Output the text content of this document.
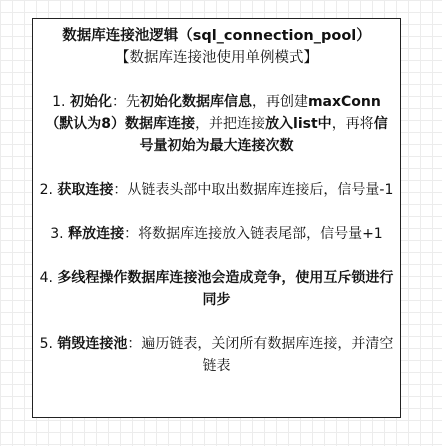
数据库连接池逻辑（sql_connection_pool）
【数据库连接池使用单例模式】
1. 初始化：先初始化数据库信息，再创建maxConn（默认为8）数据库连接，并把连接放入list中，再将信号量初始为最大连接次数
2. 获取连接：从链表头部中取出数据库连接后，信号量-1
3. 释放连接：将数据库连接放入链表尾部，信号量+1
4. 多线程操作数据库连接池会造成竞争，使用互斥锁进行同步
5. 销毁连接池：遍历链表，关闭所有数据库连接，并清空链表
